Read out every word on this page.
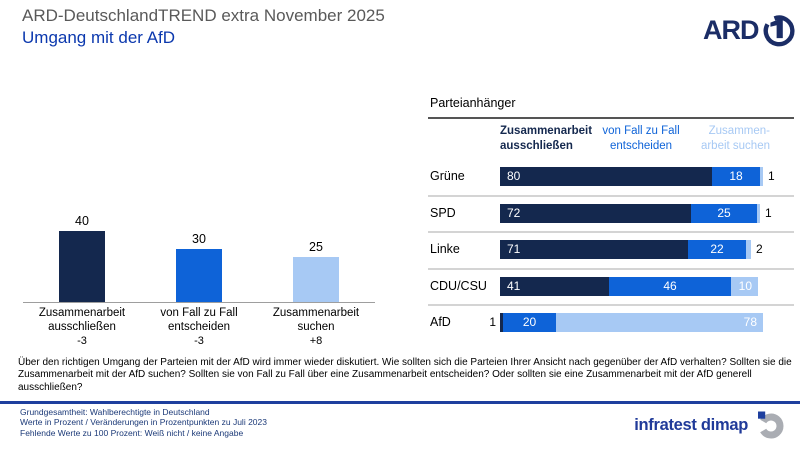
ARD-DeutschlandTREND extra November 2025
Umgang mit der AfD	ARD
40
Zusammenarbeit
ausschließen
-3
30
von Fall zu Fall
entscheiden
-3
25
Zusammenarbeit
suchen
+8
Parteianhänger
Zusammenarbeit
ausschließen
von Fall zu Fall
entscheiden
Zusammen-
arbeit suchen
Grüne	80	18	1
SPD	72	25	1
Linke	71	22	2
CDU/CSU	41	46	10
AfD	1	20	78

Über den richtigen Umgang der Parteien mit der AfD wird immer wieder diskutiert. Wie sollten sich die Parteien Ihrer Ansicht nach gegenüber der AfD verhalten? Sollten sie die Zusammenarbeit mit der AfD suchen? Sollten sie von Fall zu Fall über eine Zusammenarbeit entscheiden? Oder sollten sie eine Zusammenarbeit mit der AfD generell ausschließen?

Grundgesamtheit: Wahlberechtigte in Deutschland
Werte in Prozent / Veränderungen in Prozentpunkten zu Juli 2023
Fehlende Werte zu 100 Prozent: Weiß nicht / keine Angabe	infratest dimap
